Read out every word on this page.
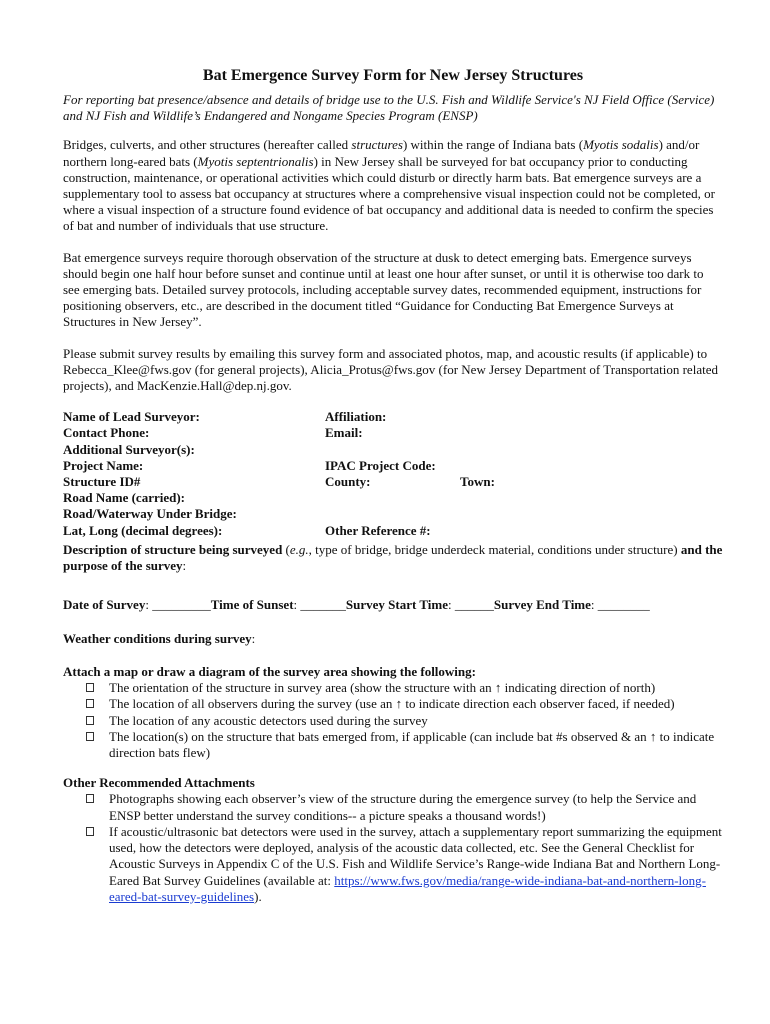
Bat Emergence Survey Form for New Jersey Structures
For reporting bat presence/absence and details of bridge use to the U.S. Fish and Wildlife Service's NJ Field Office (Service) and NJ Fish and Wildlife’s Endangered and Nongame Species Program (ENSP)

Bridges, culverts, and other structures (hereafter called structures) within the range of Indiana bats (Myotis sodalis) and/or northern long-eared bats (Myotis septentrionalis) in New Jersey shall be surveyed for bat occupancy prior to conducting construction, maintenance, or operational activities which could disturb or directly harm bats. Bat emergence surveys are a supplementary tool to assess bat occupancy at structures where a comprehensive visual inspection could not be completed, or where a visual inspection of a structure found evidence of bat occupancy and additional data is needed to confirm the species of bat and number of individuals that use structure.

Bat emergence surveys require thorough observation of the structure at dusk to detect emerging bats. Emergence surveys should begin one half hour before sunset and continue until at least one hour after sunset, or until it is otherwise too dark to see emerging bats. Detailed survey protocols, including acceptable survey dates, recommended equipment, instructions for positioning observers, etc., are described in the document titled “Guidance for Conducting Bat Emergence Surveys at Structures in New Jersey”.

Please submit survey results by emailing this survey form and associated photos, map, and acoustic results (if applicable) to Rebecca_Klee@fws.gov (for general projects), Alicia_Protus@fws.gov (for New Jersey Department of Transportation related projects), and MacKenzie.Hall@dep.nj.gov.

Name of Lead Surveyor:
Contact Phone:
Additional Surveyor(s):
Project Name:
Structure ID#
Road Name (carried):
Road/Waterway Under Bridge:
Lat, Long (decimal degrees):
Affiliation:
Email:
IPAC Project Code:
County:
Other Reference #:
Town:

Description of structure being surveyed (e.g., type of bridge, bridge underdeck material, conditions under structure) and the purpose of the survey:

Date of Survey: _________Time of Sunset: _______Survey Start Time: ______Survey End Time: ________
Weather conditions during survey:
Attach a map or draw a diagram of the survey area showing the following:
The orientation of the structure in survey area (show the structure with an ↑ indicating direction of north)
The location of all observers during the survey (use an ↑ to indicate direction each observer faced, if needed)
The location of any acoustic detectors used during the survey
The location(s) on the structure that bats emerged from, if applicable (can include bat #s observed & an ↑ to indicate direction bats flew)
Other Recommended Attachments
Photographs showing each observer’s view of the structure during the emergence survey (to help the Service and ENSP better understand the survey conditions-- a picture speaks a thousand words!)
If acoustic/ultrasonic bat detectors were used in the survey, attach a supplementary report summarizing the equipment used, how the detectors were deployed, analysis of the acoustic data collected, etc. See the General Checklist for Acoustic Surveys in Appendix C of the U.S. Fish and Wildlife Service’s Range-wide Indiana Bat and Northern Long-Eared Bat Survey Guidelines (available at: https://www.fws.gov/media/range-wide-indiana-bat-and-northern-long-eared-bat-survey-guidelines).
